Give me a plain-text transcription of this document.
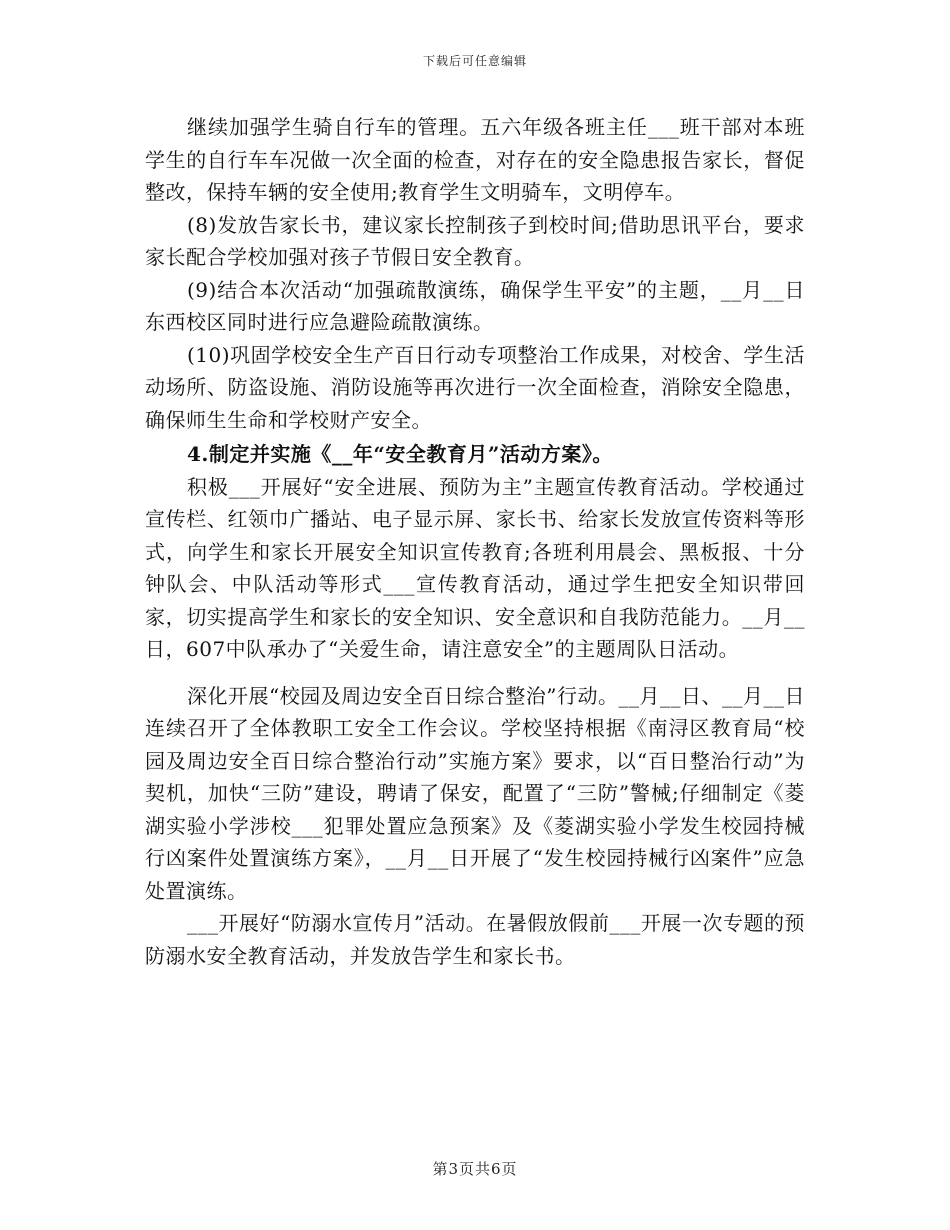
下载后可任意编辑

继续加强学生骑自行车的管理。五六年级各班主任___班干部对本班学生的自行车车况做一次全面的检查，对存在的安全隐患报告家长，督促整改，保持车辆的安全使用;教育学生文明骑车，文明停车。

(8)发放告家长书，建议家长控制孩子到校时间;借助思讯平台，要求家长配合学校加强对孩子节假日安全教育。

(9)结合本次活动“加强疏散演练，确保学生平安”的主题，__月__日东西校区同时进行应急避险疏散演练。

(10)巩固学校安全生产百日行动专项整治工作成果，对校舍、学生活动场所、防盗设施、消防设施等再次进行一次全面检查，消除安全隐患，确保师生生命和学校财产安全。

4.制定并实施《__年“安全教育月”活动方案》。

积极___开展好“安全进展、预防为主”主题宣传教育活动。学校通过宣传栏、红领巾广播站、电子显示屏、家长书、给家长发放宣传资料等形式，向学生和家长开展安全知识宣传教育;各班利用晨会、黑板报、十分钟队会、中队活动等形式___宣传教育活动，通过学生把安全知识带回家，切实提高学生和家长的安全知识、安全意识和自我防范能力。__月__日，607中队承办了“关爱生命，请注意安全”的主题周队日活动。

深化开展“校园及周边安全百日综合整治”行动。__月__日、__月__日连续召开了全体教职工安全工作会议。学校坚持根据《南浔区教育局“校园及周边安全百日综合整治行动”实施方案》要求，以“百日整治行动”为契机，加快“三防”建设，聘请了保安，配置了“三防”警械;仔细制定《菱湖实验小学涉校___犯罪处置应急预案》及《菱湖实验小学发生校园持械行凶案件处置演练方案》，__月__日开展了“发生校园持械行凶案件”应急处置演练。

___开展好“防溺水宣传月”活动。在暑假放假前___开展一次专题的预防溺水安全教育活动，并发放告学生和家长书。

第3页共6页
